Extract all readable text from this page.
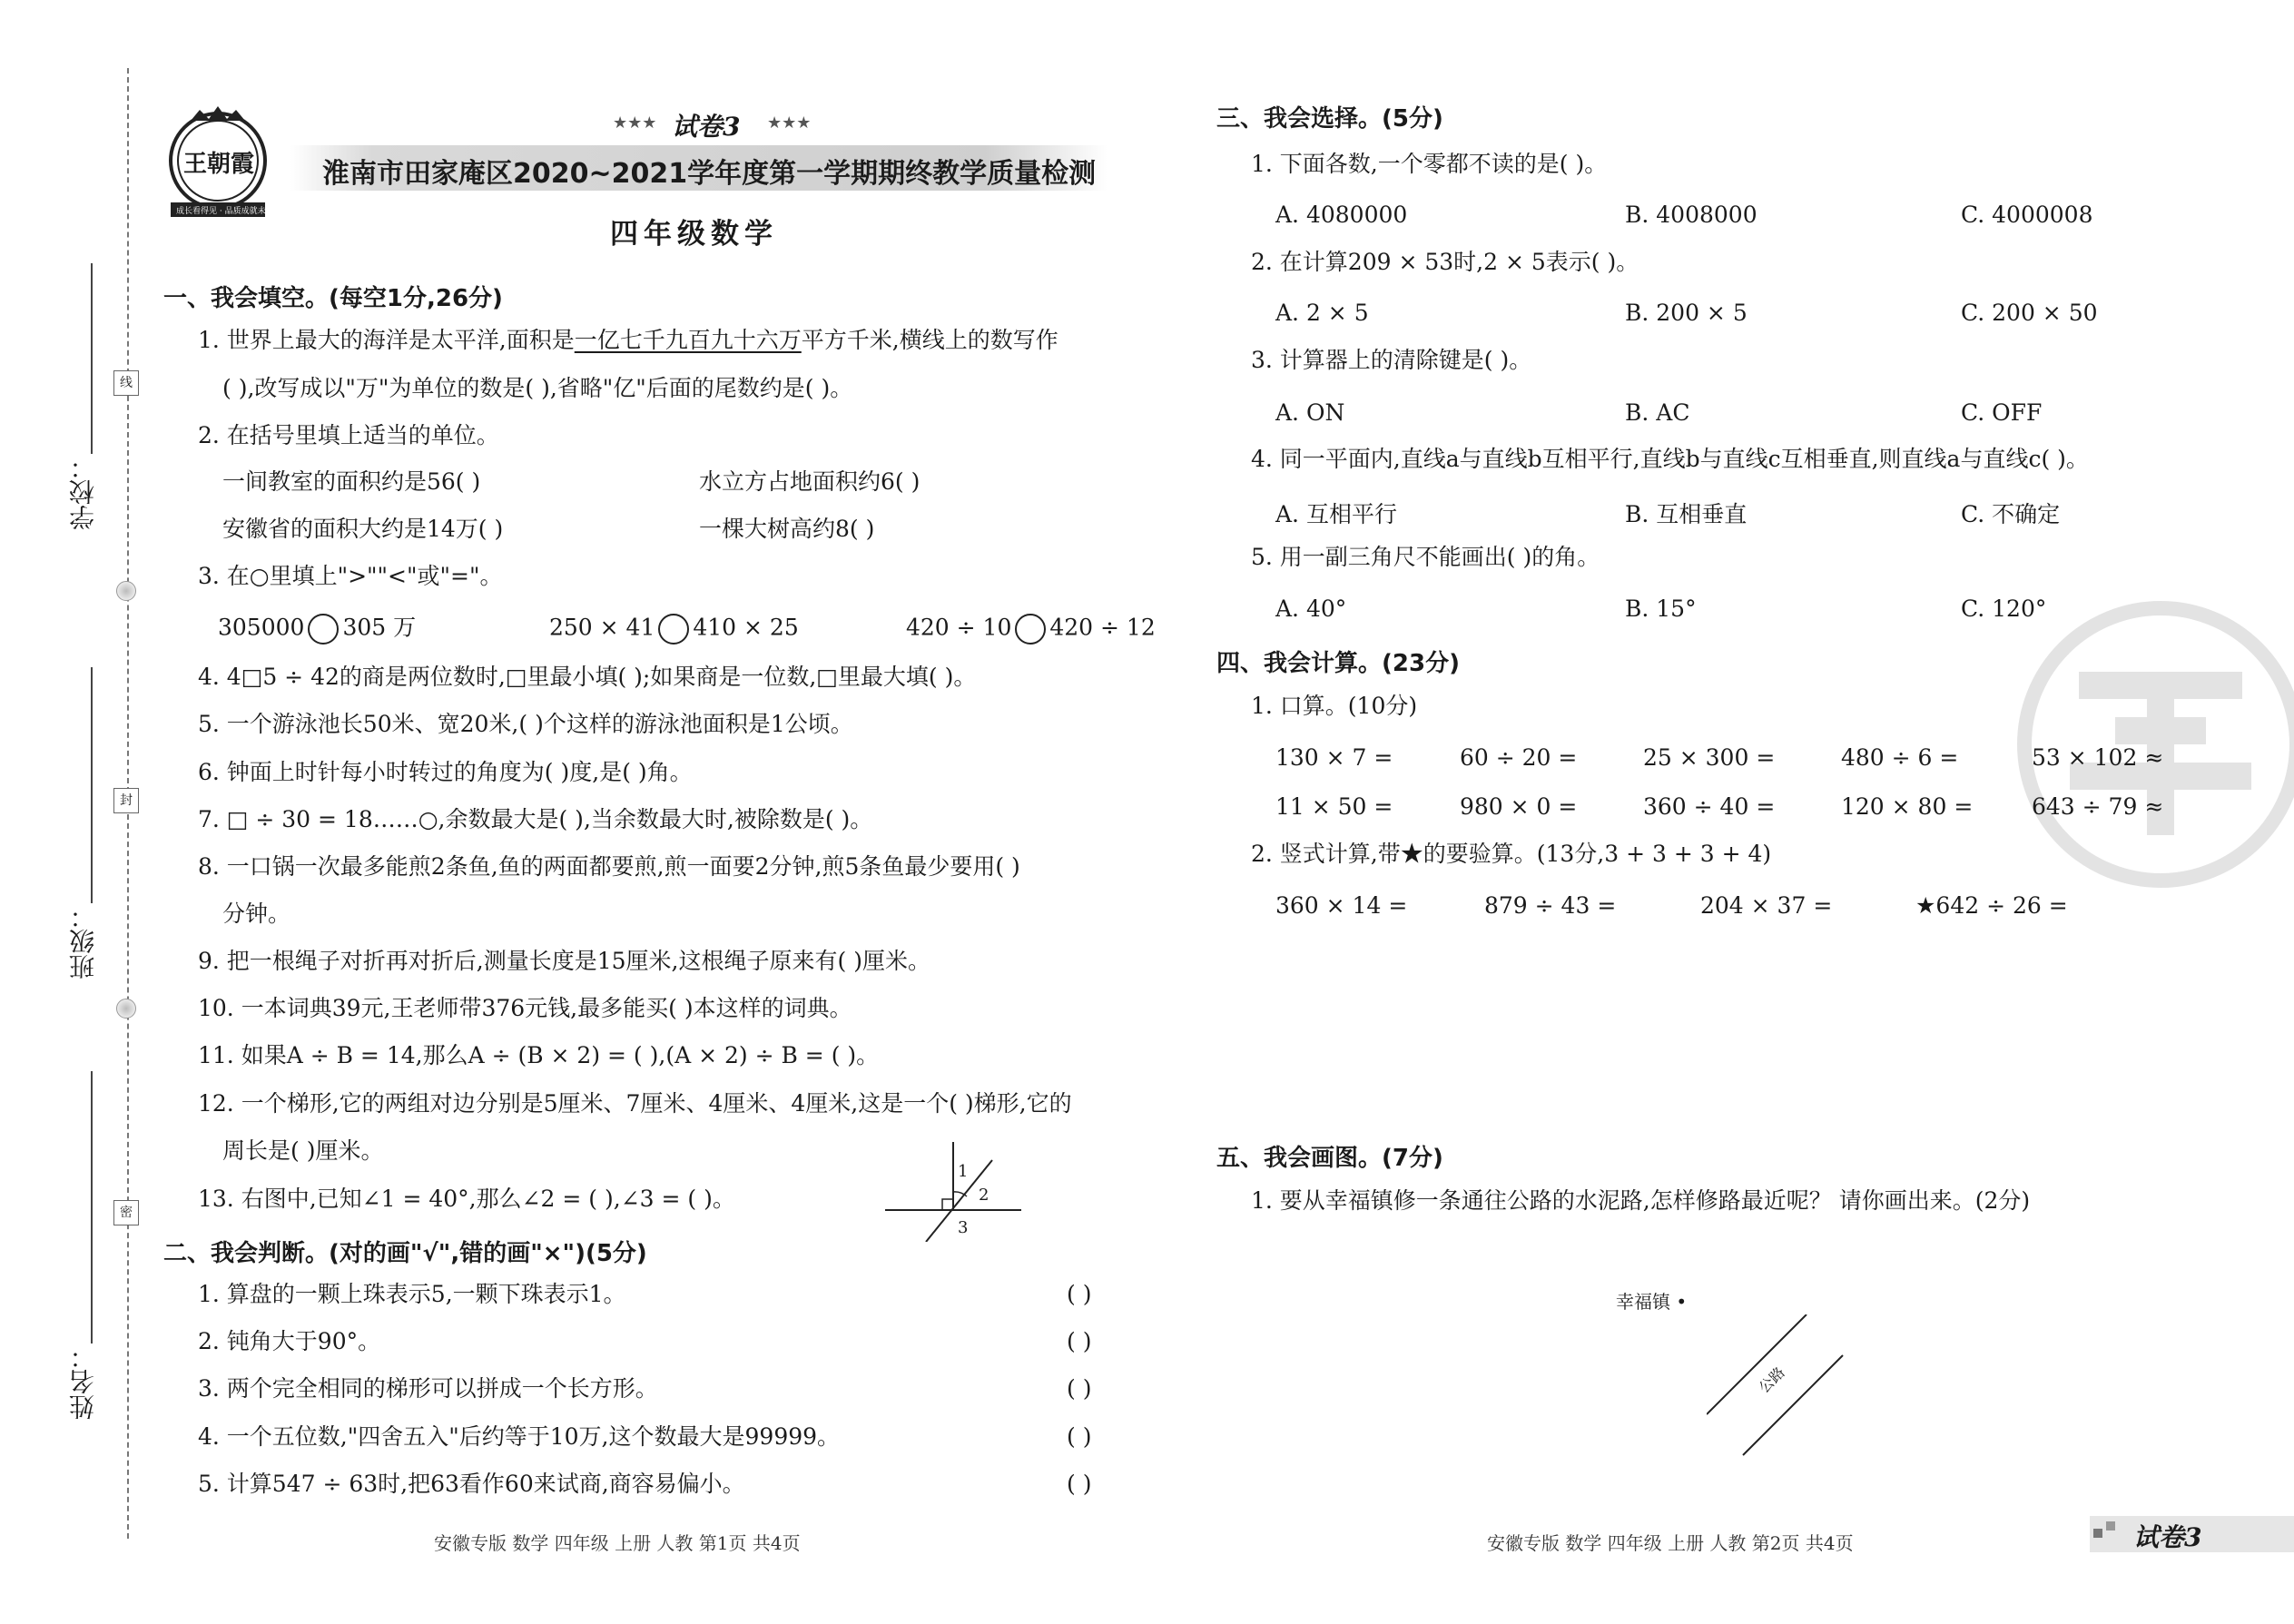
学校：
班级：
姓名：
线
封
密
王朝霞
成长看得见 · 品质成就未来
★★★ 试卷3 ★★★
淮南市田家庵区2020~2021学年度第一学期期终教学质量检测
四年级数学
一、我会填空。(每空1分,26分)
1. 世界上最大的海洋是太平洋,面积是一亿七千九百九十六万平方千米,横线上的数写作
( ),改写成以"万"为单位的数是( ),省略"亿"后面的尾数约是( )。
2. 在括号里填上适当的单位。
一间教室的面积约是56( )	水立方占地面积约6( )
安徽省的面积大约是14万( )	一棵大树高约8( )
3. 在○里填上">""<"或"="。
305000 305 万	250 × 41 410 × 25	420 ÷ 10 420 ÷ 12
4. 4□5 ÷ 42的商是两位数时,□里最小填( );如果商是一位数,□里最大填( )。
5. 一个游泳池长50米、宽20米,( )个这样的游泳池面积是1公顷。
6. 钟面上时针每小时转过的角度为( )度,是( )角。
7. □ ÷ 30 = 18……○,余数最大是( ),当余数最大时,被除数是( )。
8. 一口锅一次最多能煎2条鱼,鱼的两面都要煎,煎一面要2分钟,煎5条鱼最少要用( )
分钟。
9. 把一根绳子对折再对折后,测量长度是15厘米,这根绳子原来有( )厘米。
10. 一本词典39元,王老师带376元钱,最多能买( )本这样的词典。
11. 如果A ÷ B = 14,那么A ÷ (B × 2) = ( ),(A × 2) ÷ B = ( )。
12. 一个梯形,它的两组对边分别是5厘米、7厘米、4厘米、4厘米,这是一个( )梯形,它的
周长是( )厘米。
13. 右图中,已知∠1 = 40°,那么∠2 = ( ),∠3 = ( )。
1
2
3
二、我会判断。(对的画"√",错的画"×")(5分)
1. 算盘的一颗上珠表示5,一颗下珠表示1。	( )
2. 钝角大于90°。	( )
3. 两个完全相同的梯形可以拼成一个长方形。	( )
4. 一个五位数,"四舍五入"后约等于10万,这个数最大是99999。	( )
5. 计算547 ÷ 63时,把63看作60来试商,商容易偏小。	( )
安徽专版 数学 四年级 上册 人教 第1页 共4页
三、我会选择。(5分)
1. 下面各数,一个零都不读的是( )。
A. 4080000	B. 4008000	C. 4000008
2. 在计算209 × 53时,2 × 5表示( )。
A. 2 × 5	B. 200 × 5	C. 200 × 50
3. 计算器上的清除键是( )。
A. ON	B. AC	C. OFF
4. 同一平面内,直线a与直线b互相平行,直线b与直线c互相垂直,则直线a与直线c( )。
A. 互相平行	B. 互相垂直	C. 不确定
5. 用一副三角尺不能画出( )的角。
A. 40°	B. 15°	C. 120°
四、我会计算。(23分)
1. 口算。(10分)
130 × 7 =	60 ÷ 20 =	25 × 300 =	480 ÷ 6 =	53 × 102 ≈
11 × 50 =	980 × 0 =	360 ÷ 40 =	120 × 80 =	643 ÷ 79 ≈
2. 竖式计算,带★的要验算。(13分,3 + 3 + 3 + 4)
360 × 14 =	879 ÷ 43 =	204 × 37 =	★642 ÷ 26 =
五、我会画图。(7分)
1. 要从幸福镇修一条通往公路的水泥路,怎样修路最近呢？ 请你画出来。(2分)
幸福镇 •
公路
安徽专版 数学 四年级 上册 人教 第2页 共4页	试卷3
